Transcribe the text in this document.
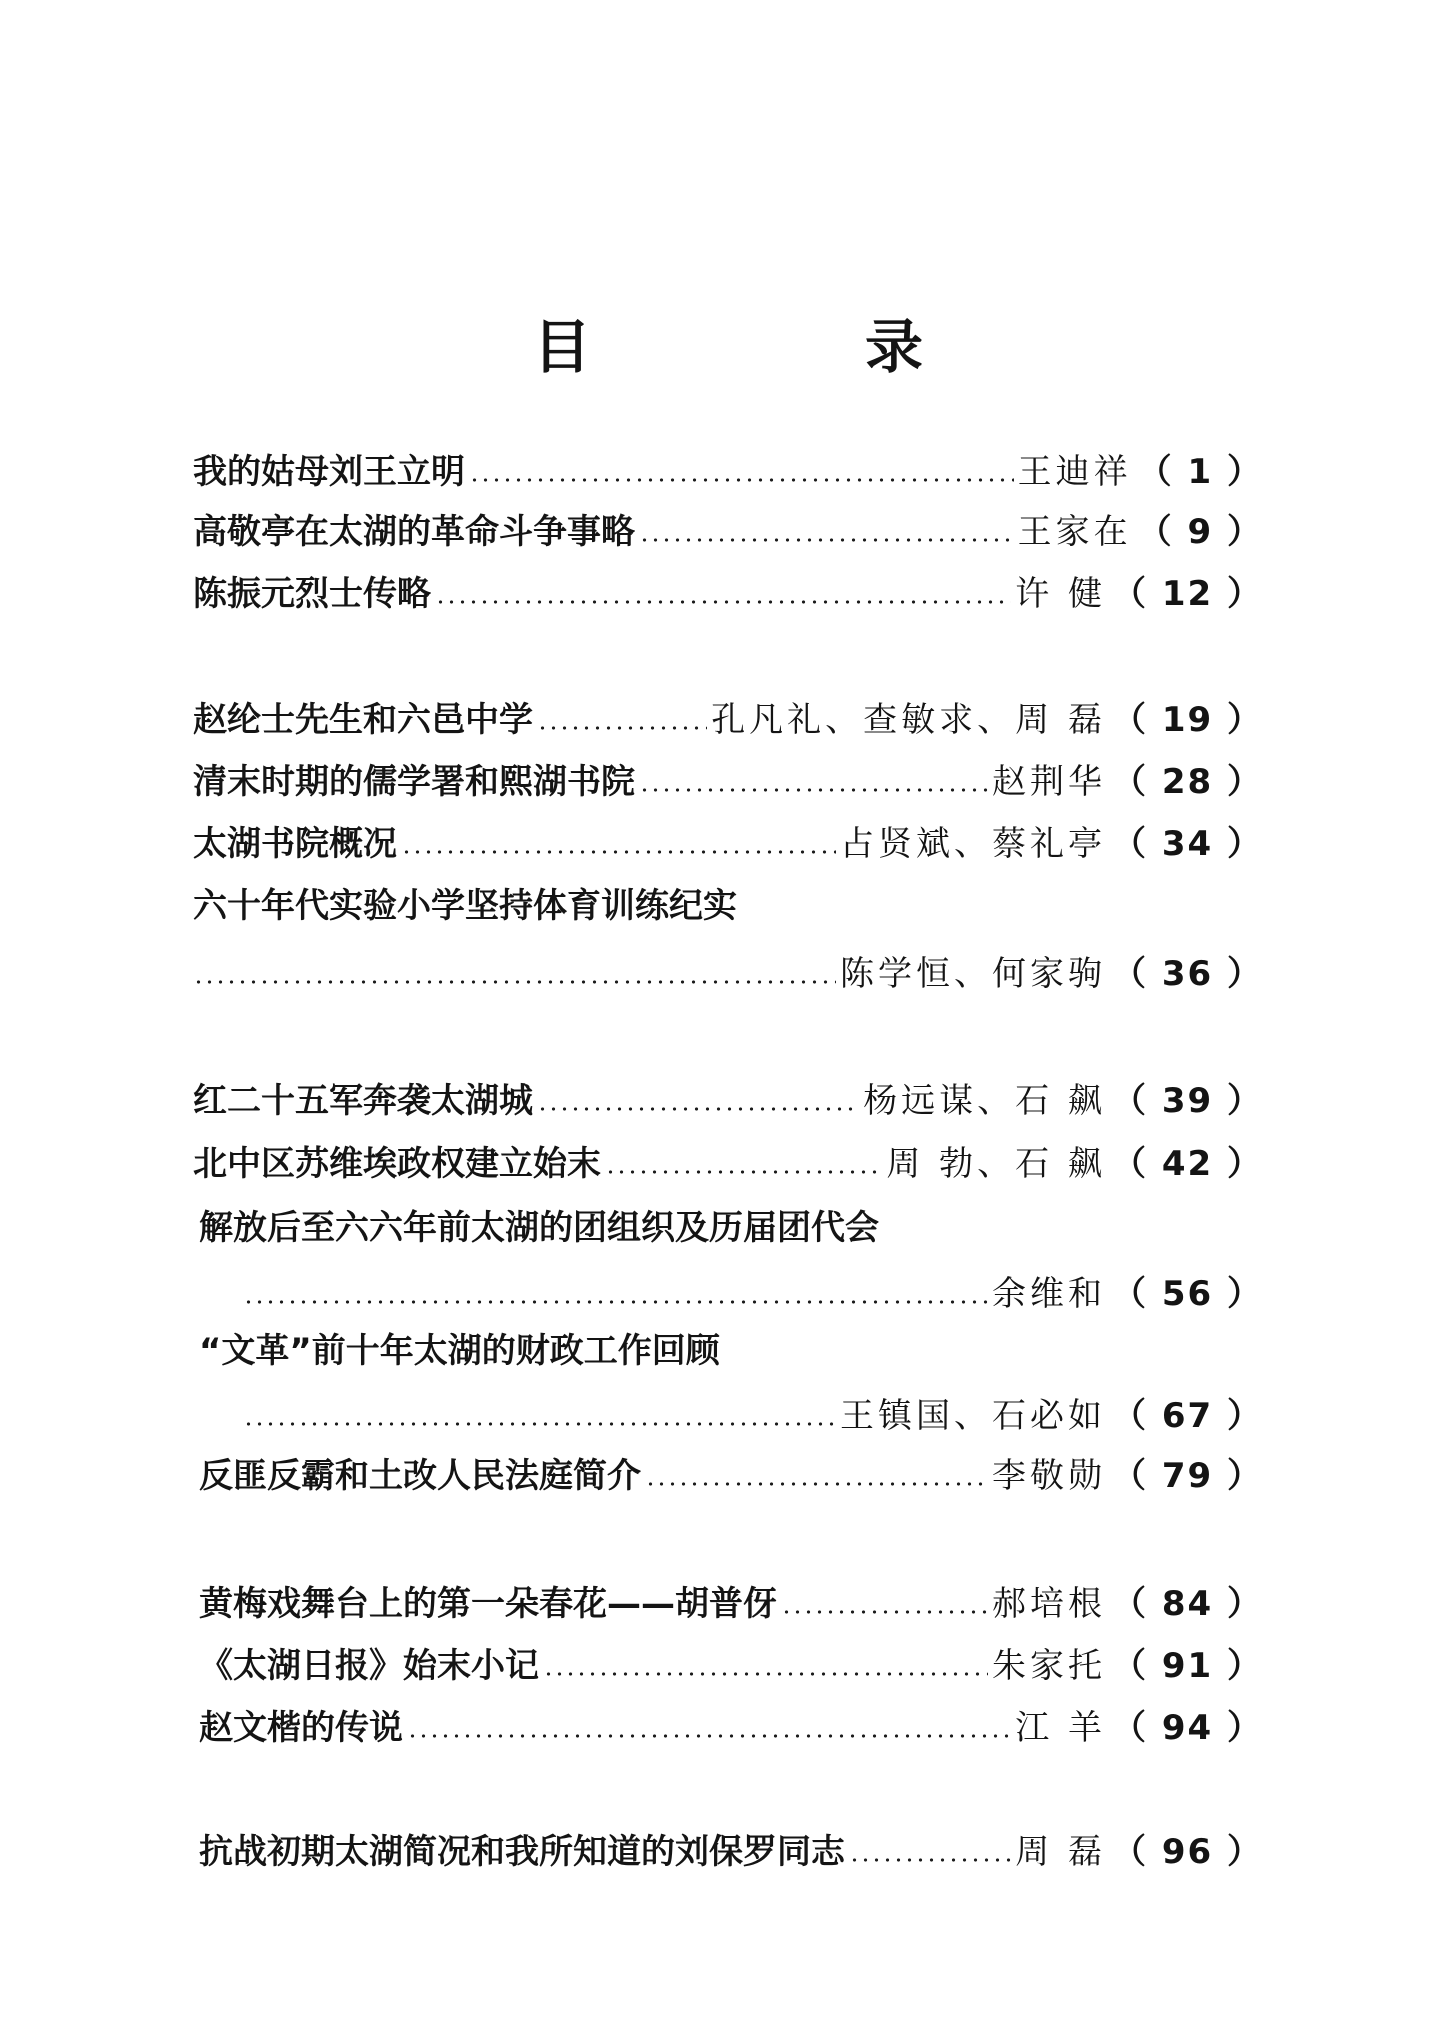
目	录
我的姑母刘王立明	王迪祥 （ 1 ）
高敬亭在太湖的革命斗争事略	王家在 （ 9 ）
陈振元烈士传略	许 健 （ 12 ）
赵纶士先生和六邑中学	孔凡礼、查敏求、周 磊 （ 19 ）
清末时期的儒学署和熙湖书院	赵荆华 （ 28 ）
太湖书院概况	占贤斌、蔡礼亭 （ 34 ）
六十年代实验小学坚持体育训练纪实
陈学恒、何家驹 （ 36 ）
红二十五军奔袭太湖城	杨远谋、石 飙 （ 39 ）
北中区苏维埃政权建立始末	周 勃、石 飙 （ 42 ）
解放后至六六年前太湖的团组织及历届团代会
余维和 （ 56 ）
“文革”前十年太湖的财政工作回顾
王镇国、石必如 （ 67 ）
反匪反霸和土改人民法庭简介	李敬勋 （ 79 ）
黄梅戏舞台上的第一朵春花——胡普伢	郝培根 （ 84 ）
《太湖日报》始末小记	朱家托 （ 91 ）
赵文楷的传说	江 羊 （ 94 ）
抗战初期太湖简况和我所知道的刘保罗同志	周 磊 （ 96 ）
